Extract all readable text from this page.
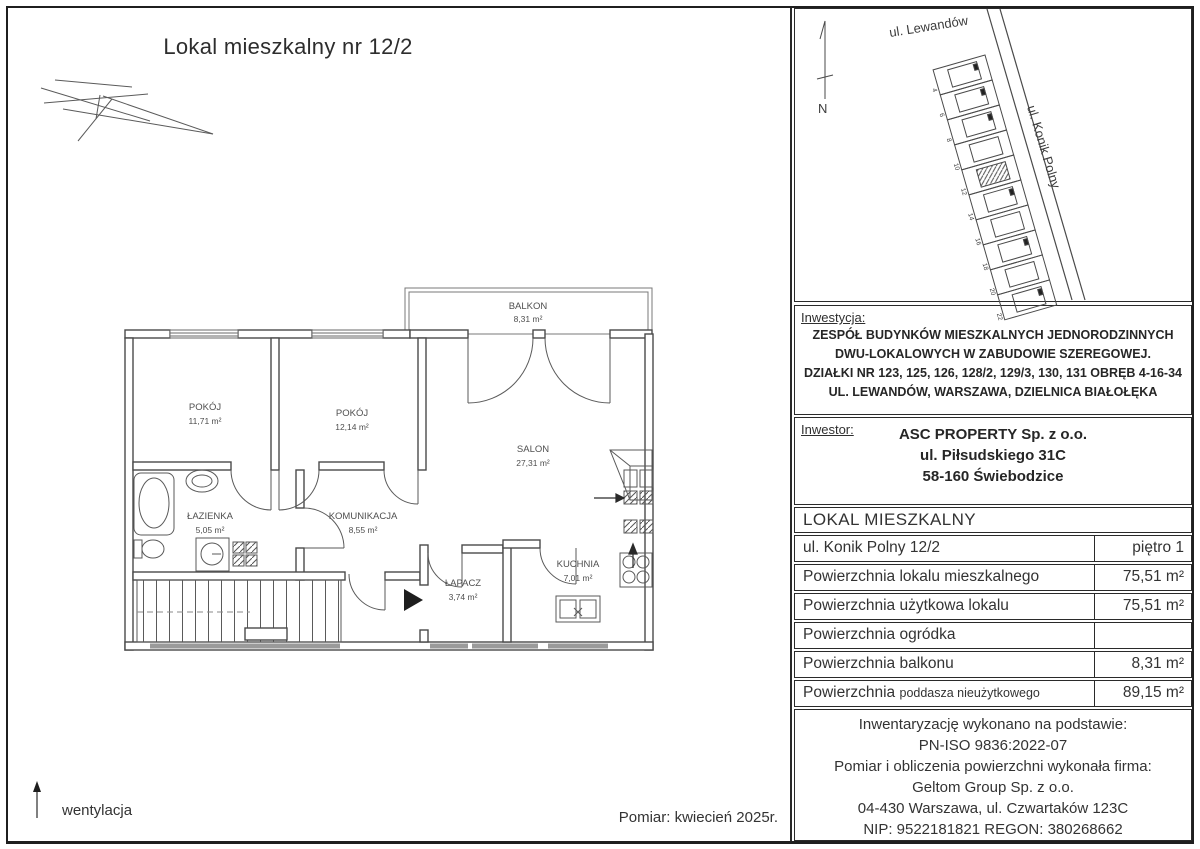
Lokal mieszkalny nr 12/2
POKÓJ
11,71 m²
POKÓJ
12,14 m²
SALON
27,31 m²
BALKON
8,31 m²
ŁAZIENKA
5,05 m²
KOMUNIKACJA
8,55 m²
ŁAPACZ
3,74 m²
KUCHNIA
7,01 m²
wentylacja	Pomiar: kwiecień 2025r.
N
4
6
8
10
12
14
16
18
20
22
ul. Lewandów
ul. Konik Polny
Inwestycja:
ZESPÓŁ BUDYNKÓW MIESZKALNYCH JEDNORODZINNYCH
DWU-LOKALOWYCH W ZABUDOWIE SZEREGOWEJ.
DZIAŁKI NR 123, 125, 126, 128/2, 129/3, 130, 131 OBRĘB 4-16-34
UL. LEWANDÓW, WARSZAWA, DZIELNICA BIAŁOŁĘKA
Inwestor:	ASC PROPERTY Sp. z o.o.
ul. Piłsudskiego 31C
58-160 Świebodzice
LOKAL MIESZKALNY
ul. Konik Polny 12/2	piętro 1
Powierzchnia lokalu mieszkalnego	75,51 m²
Powierzchnia użytkowa lokalu	75,51 m²
Powierzchnia ogródka
Powierzchnia balkonu	8,31 m²
Powierzchnia poddasza nieużytkowego	89,15 m²
Inwentaryzację wykonano na podstawie:
PN-ISO 9836:2022-07
Pomiar i obliczenia powierzchni wykonała firma:
Geltom Group Sp. z o.o.
04-430 Warszawa, ul. Czwartaków 123C
NIP: 9522181821 REGON: 380268662
